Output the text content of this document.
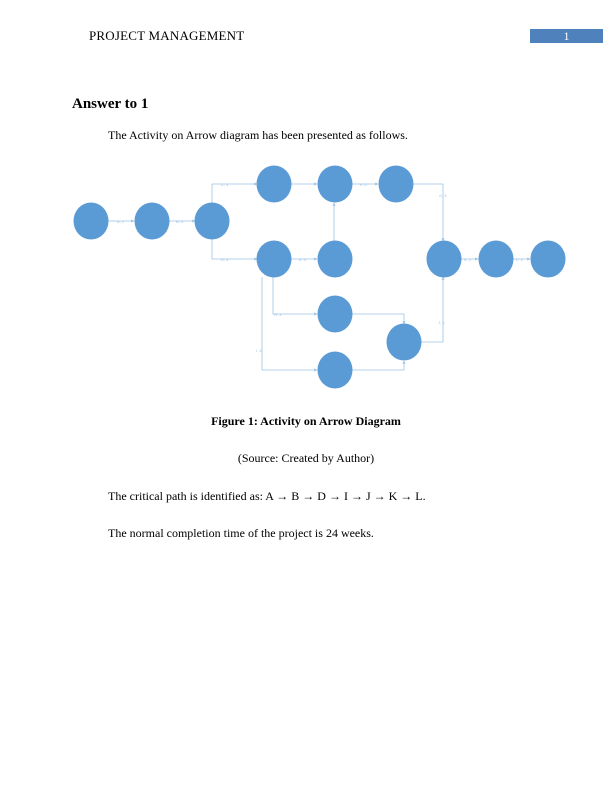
PROJECT MANAGEMENT	1
Answer to 1
The Activity on Arrow diagram has been presented as follows.
A, 2	B, 3
C, 4
D, 4	E, 3
F, 5
G, 4
H, 3
I, 4
J, 6
K, 2	L, 3
Figure 1: Activity on Arrow Diagram
(Source: Created by Author)
The critical path is identified as: A → B → D → I → J → K → L.
The normal completion time of the project is 24 weeks.
